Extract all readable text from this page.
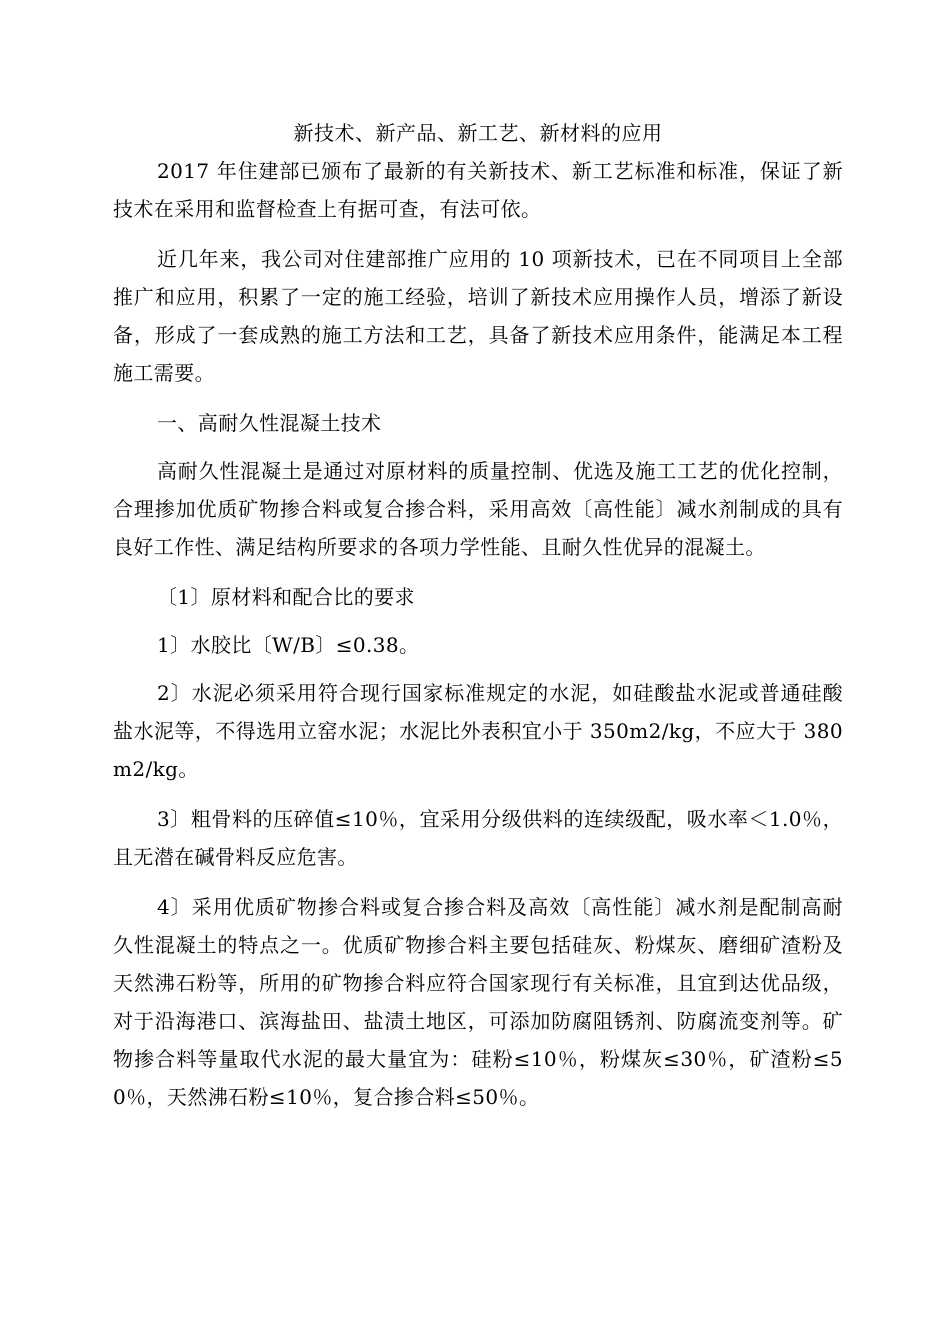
新技术、新产品、新工艺、新材料的应用

2017 年住建部已颁布了最新的有关新技术、新工艺标准和标准，保证了新技术在采用和监督检查上有据可查，有法可依。

近几年来，我公司对住建部推广应用的 10 项新技术，已在不同项目上全部推广和应用，积累了一定的施工经验，培训了新技术应用操作人员，增添了新设备，形成了一套成熟的施工方法和工艺，具备了新技术应用条件，能满足本工程施工需要。

一、高耐久性混凝土技术

高耐久性混凝土是通过对原材料的质量控制、优选及施工工艺的优化控制，合理掺加优质矿物掺合料或复合掺合料，采用高效〔高性能〕减水剂制成的具有良好工作性、满足结构所要求的各项力学性能、且耐久性优异的混凝土。

〔1〕原材料和配合比的要求

1〕水胶比〔W/B〕≤0.38。

2〕水泥必须采用符合现行国家标准规定的水泥，如硅酸盐水泥或普通硅酸盐水泥等，不得选用立窑水泥；水泥比外表积宜小于 350m2/kg，不应大于 380m2/kg。

3〕粗骨料的压碎值≤10％，宜采用分级供料的连续级配，吸水率＜1.0％，且无潜在碱骨料反应危害。

4〕采用优质矿物掺合料或复合掺合料及高效〔高性能〕减水剂是配制高耐久性混凝土的特点之一。优质矿物掺合料主要包括硅灰、粉煤灰、磨细矿渣粉及天然沸石粉等，所用的矿物掺合料应符合国家现行有关标准，且宜到达优品级，对于沿海港口、滨海盐田、盐渍土地区，可添加防腐阻锈剂、防腐流变剂等。矿物掺合料等量取代水泥的最大量宜为：硅粉≤10％，粉煤灰≤30％，矿渣粉≤50％，天然沸石粉≤10％，复合掺合料≤50％。
